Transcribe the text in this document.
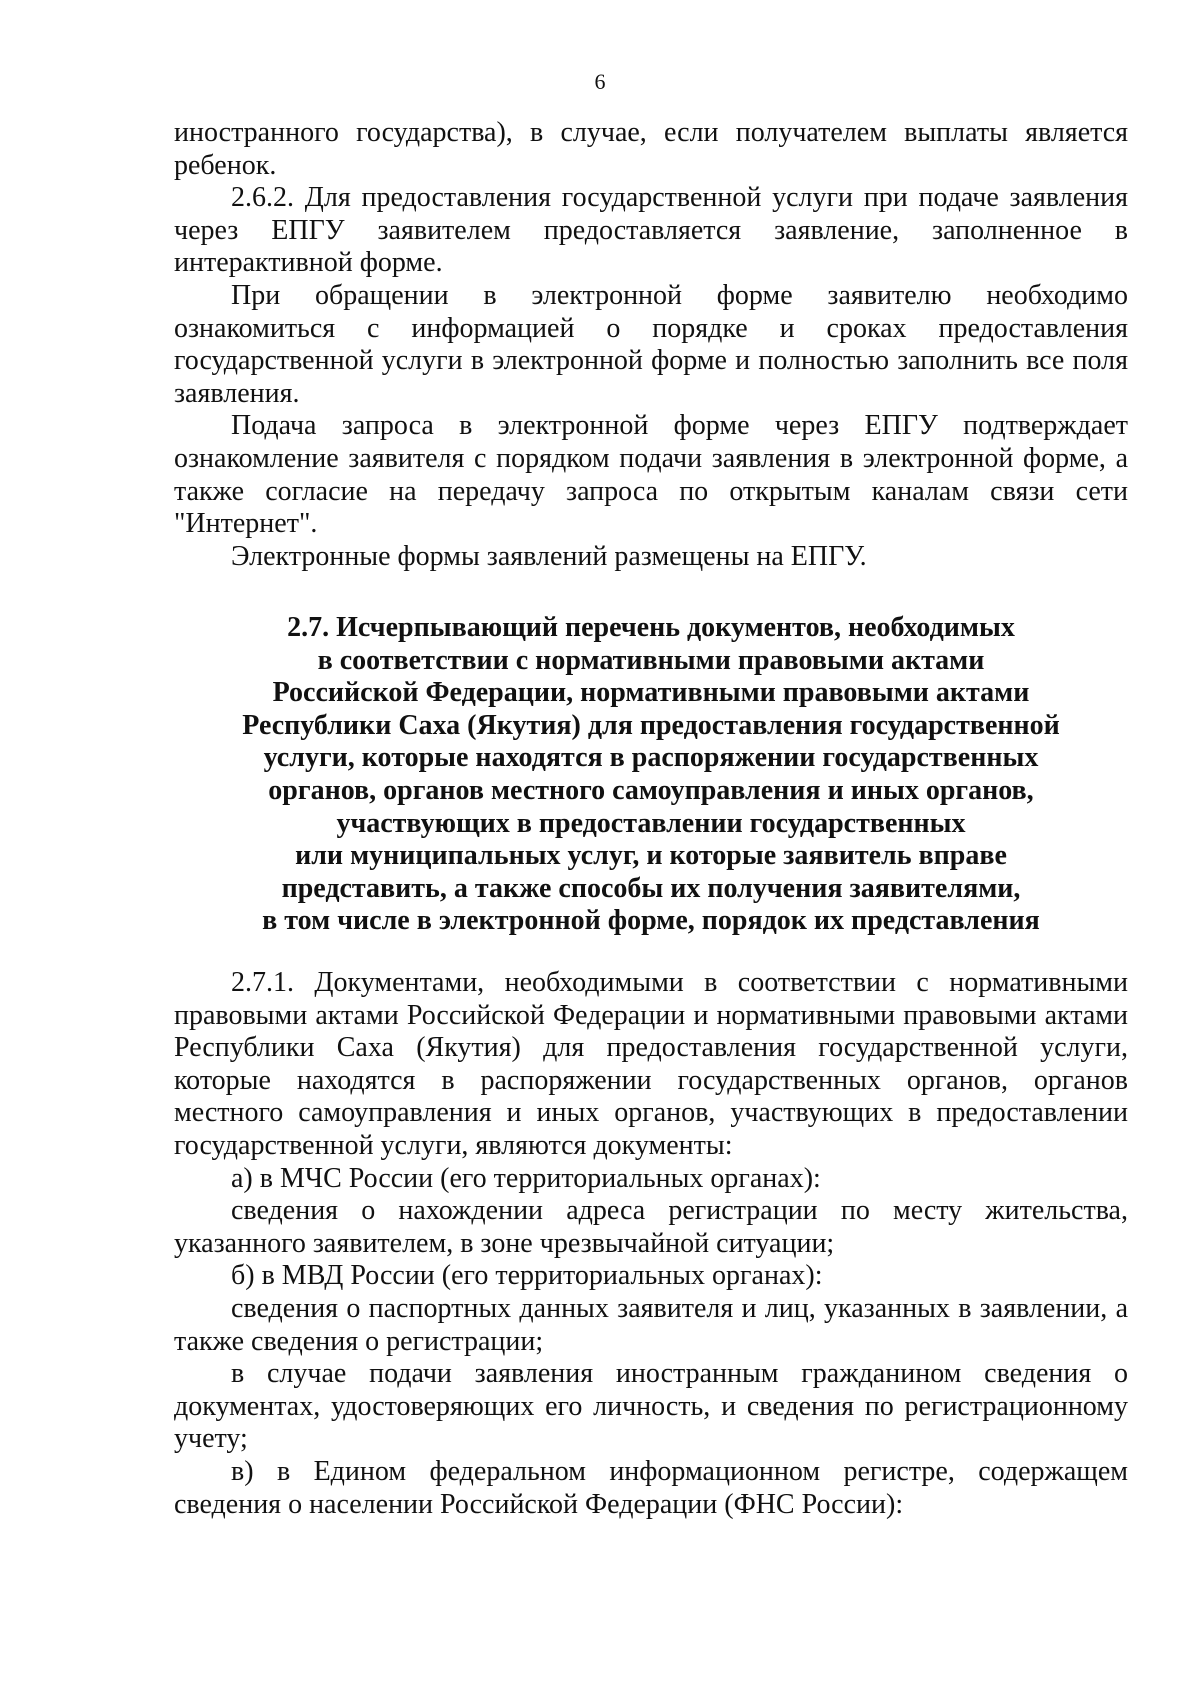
6

иностранного государства), в случае, если получателем выплаты является ребенок.

2.6.2. Для предоставления государственной услуги при подаче заявления через ЕПГУ заявителем предоставляется заявление, заполненное в интерактивной форме.

При обращении в электронной форме заявителю необходимо ознакомиться с информацией о порядке и сроках предоставления государственной услуги в электронной форме и полностью заполнить все поля заявления.

Подача запроса в электронной форме через ЕПГУ подтверждает ознакомление заявителя с порядком подачи заявления в электронной форме, а также согласие на передачу запроса по открытым каналам связи сети "Интернет".

Электронные формы заявлений размещены на ЕПГУ.

2.7. Исчерпывающий перечень документов, необходимых
в соответствии с нормативными правовыми актами
Российской Федерации, нормативными правовыми актами
Республики Саха (Якутия) для предоставления государственной
услуги, которые находятся в распоряжении государственных
органов, органов местного самоуправления и иных органов,
участвующих в предоставлении государственных
или муниципальных услуг, и которые заявитель вправе
представить, а также способы их получения заявителями,
в том числе в электронной форме, порядок их представления

2.7.1. Документами, необходимыми в соответствии с нормативными правовыми актами Российской Федерации и нормативными правовыми актами Республики Саха (Якутия) для предоставления государственной услуги, которые находятся в распоряжении государственных органов, органов местного самоуправления и иных органов, участвующих в предоставлении государственной услуги, являются документы:

а) в МЧС России (его территориальных органах):

сведения о нахождении адреса регистрации по месту жительства, указанного заявителем, в зоне чрезвычайной ситуации;

б) в МВД России (его территориальных органах):

сведения о паспортных данных заявителя и лиц, указанных в заявлении, а также сведения о регистрации;

в случае подачи заявления иностранным гражданином сведения о документах, удостоверяющих его личность, и сведения по регистрационному учету;

в) в Едином федеральном информационном регистре, содержащем сведения о населении Российской Федерации (ФНС России):
